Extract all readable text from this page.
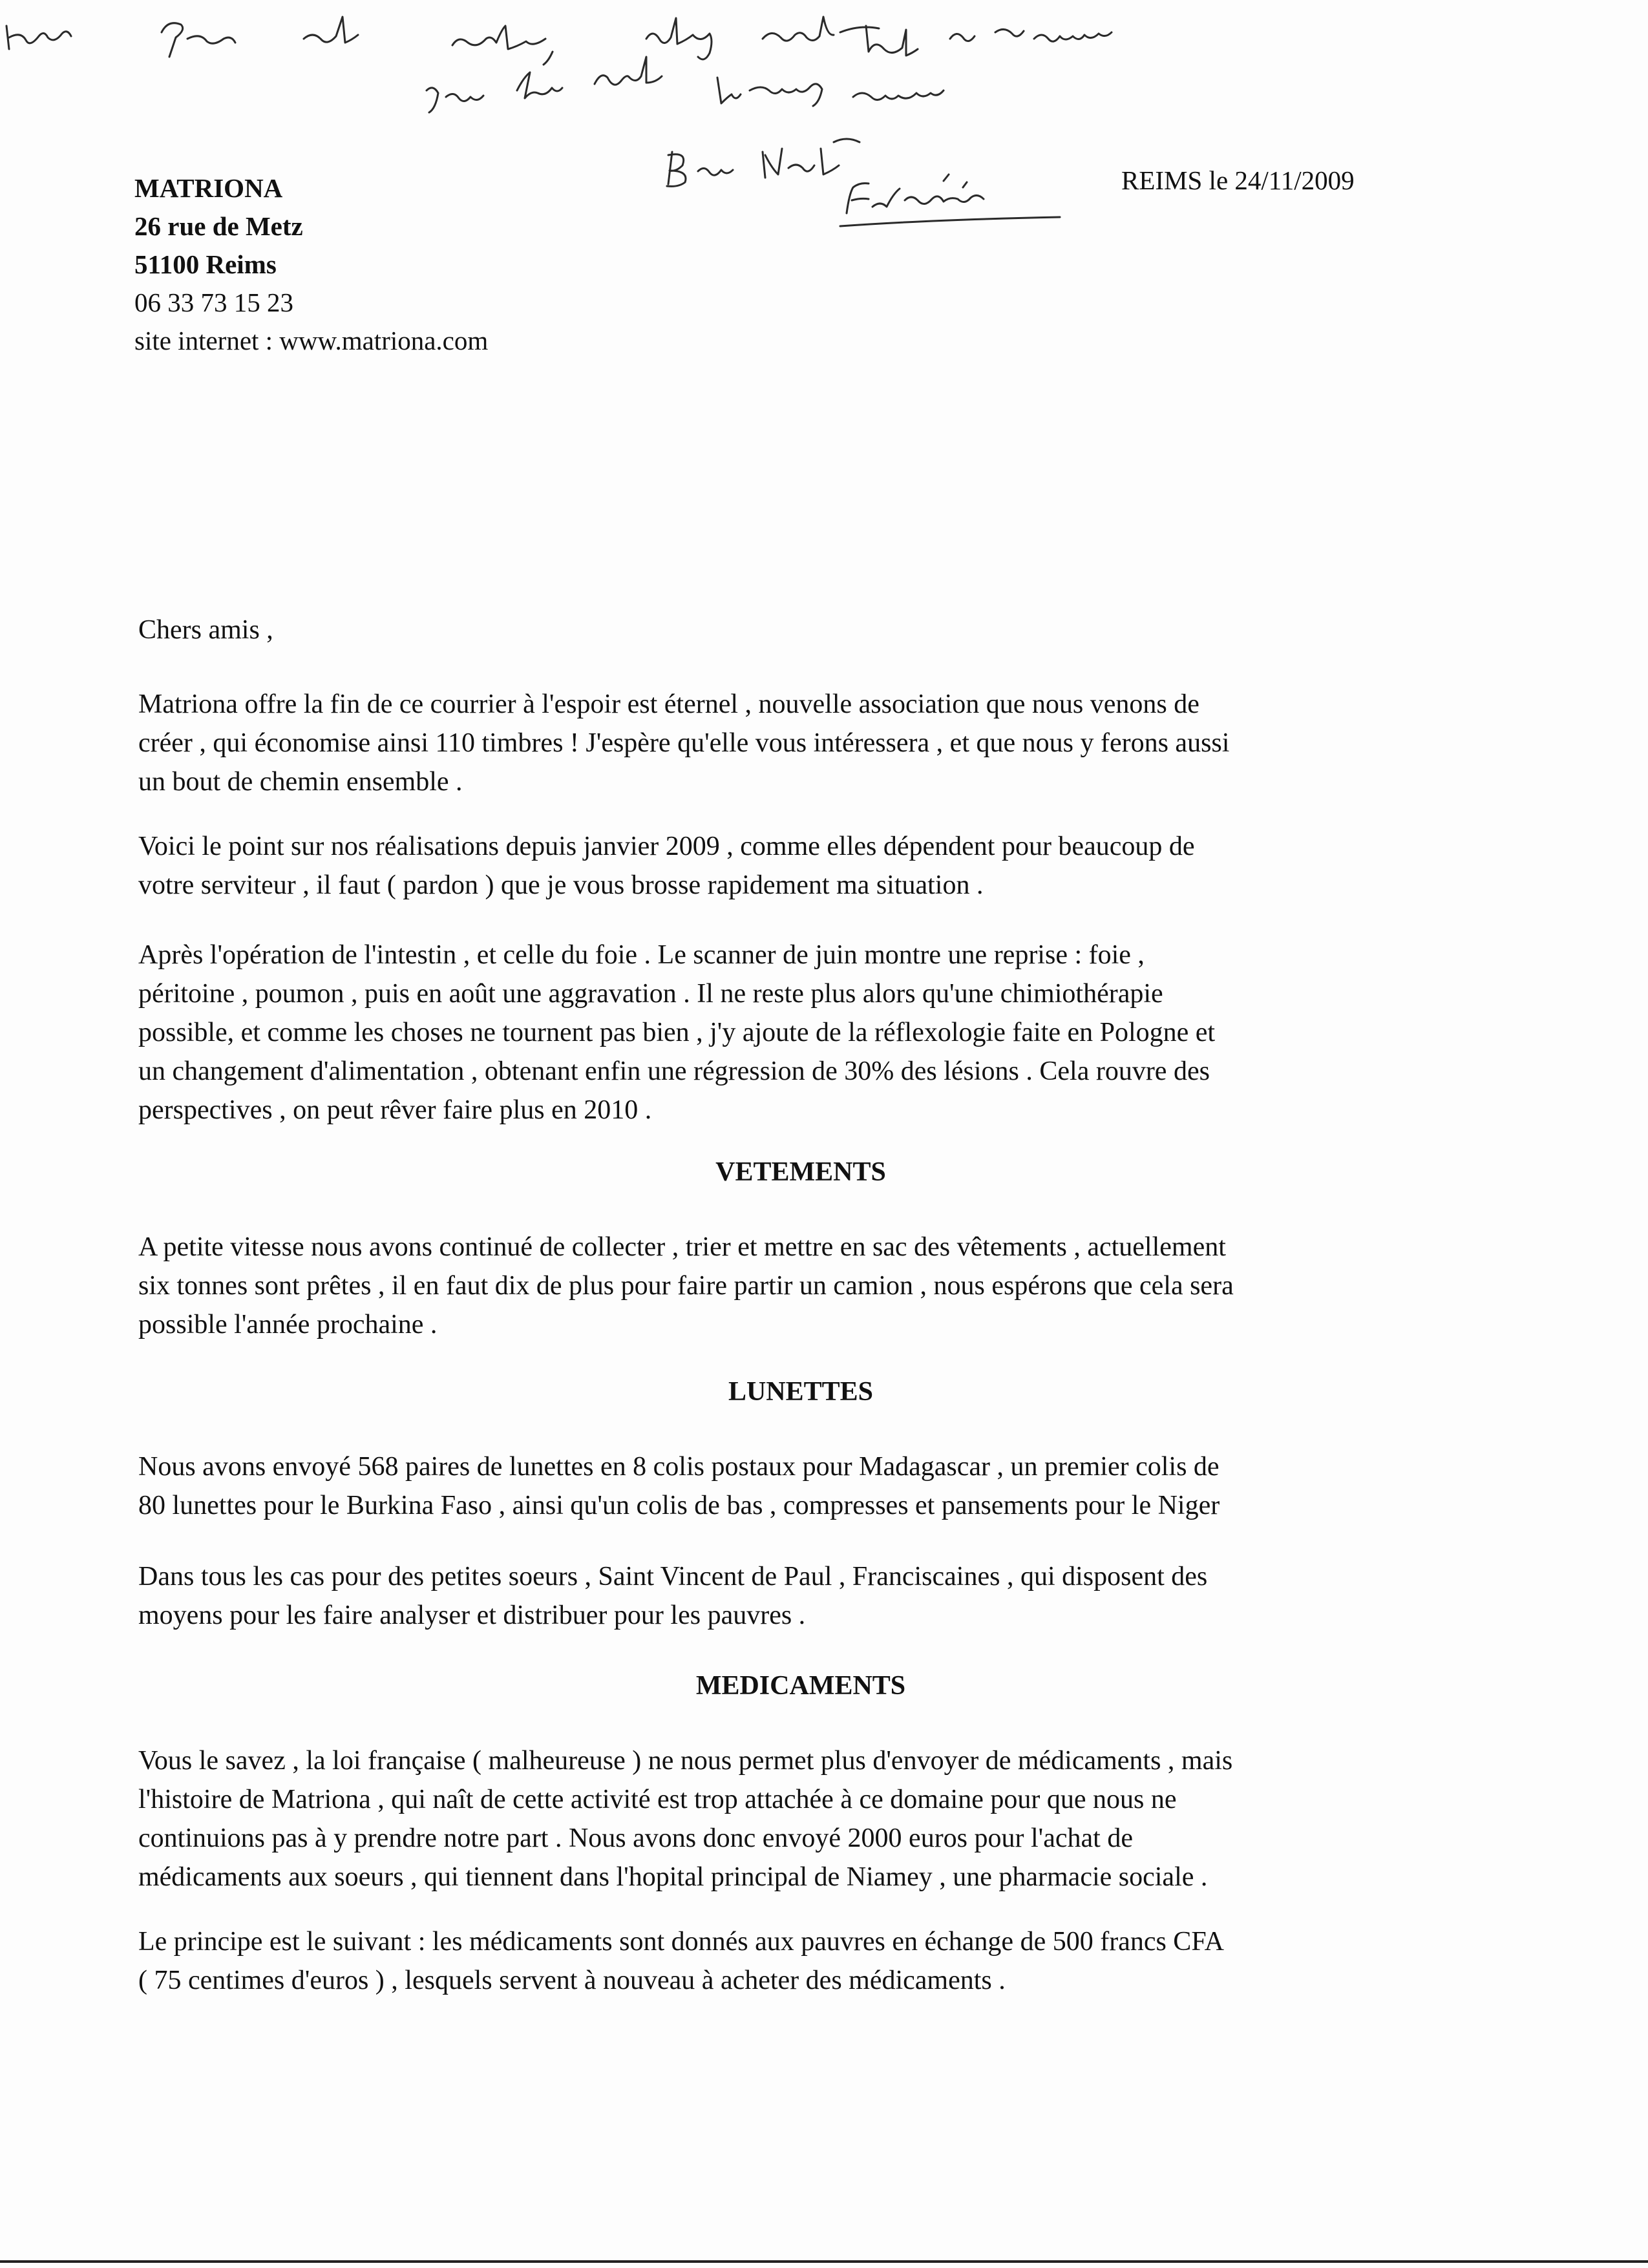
MATRIONA
26 rue de Metz
51100 Reims
06 33 73 15 23
site internet : www.matriona.com
REIMS le 24/11/2009

Chers amis ,

Matriona offre la fin de ce courrier à l'espoir est éternel , nouvelle association que nous venons de
créer , qui économise ainsi 110 timbres ! J'espère qu'elle vous intéressera , et que nous y ferons aussi
un bout de chemin ensemble .

Voici le point sur nos réalisations depuis janvier 2009 , comme elles dépendent pour beaucoup de
votre serviteur , il faut ( pardon ) que je vous brosse rapidement ma situation .

Après l'opération de l'intestin , et celle du foie . Le scanner de juin montre une reprise : foie ,
péritoine , poumon , puis en août une aggravation . Il ne reste plus alors qu'une chimiothérapie
possible, et comme les choses ne tournent pas bien , j'y ajoute de la réflexologie faite en Pologne et
un changement d'alimentation , obtenant enfin une régression de 30% des lésions . Cela rouvre des
perspectives , on peut rêver faire plus en 2010 .

VETEMENTS

A petite vitesse nous avons continué de collecter , trier et mettre en sac des vêtements , actuellement
six tonnes sont prêtes , il en faut dix de plus pour faire partir un camion , nous espérons que cela sera
possible l'année prochaine .

LUNETTES

Nous avons envoyé 568 paires de lunettes en 8 colis postaux pour Madagascar , un premier colis de
80 lunettes pour le Burkina Faso , ainsi qu'un colis de bas , compresses et pansements pour le Niger

Dans tous les cas pour des petites soeurs , Saint Vincent de Paul , Franciscaines , qui disposent des
moyens pour les faire analyser et distribuer pour les pauvres .

MEDICAMENTS

Vous le savez , la loi française ( malheureuse ) ne nous permet plus d'envoyer de médicaments , mais
l'histoire de Matriona , qui naît de cette activité est trop attachée à ce domaine pour que nous ne
continuions pas à y prendre notre part . Nous avons donc envoyé 2000 euros pour l'achat de
médicaments aux soeurs , qui tiennent dans l'hopital principal de Niamey , une pharmacie sociale .

Le principe est le suivant : les médicaments sont donnés aux pauvres en échange de 500 francs CFA
( 75 centimes d'euros ) , lesquels servent à nouveau à acheter des médicaments .
